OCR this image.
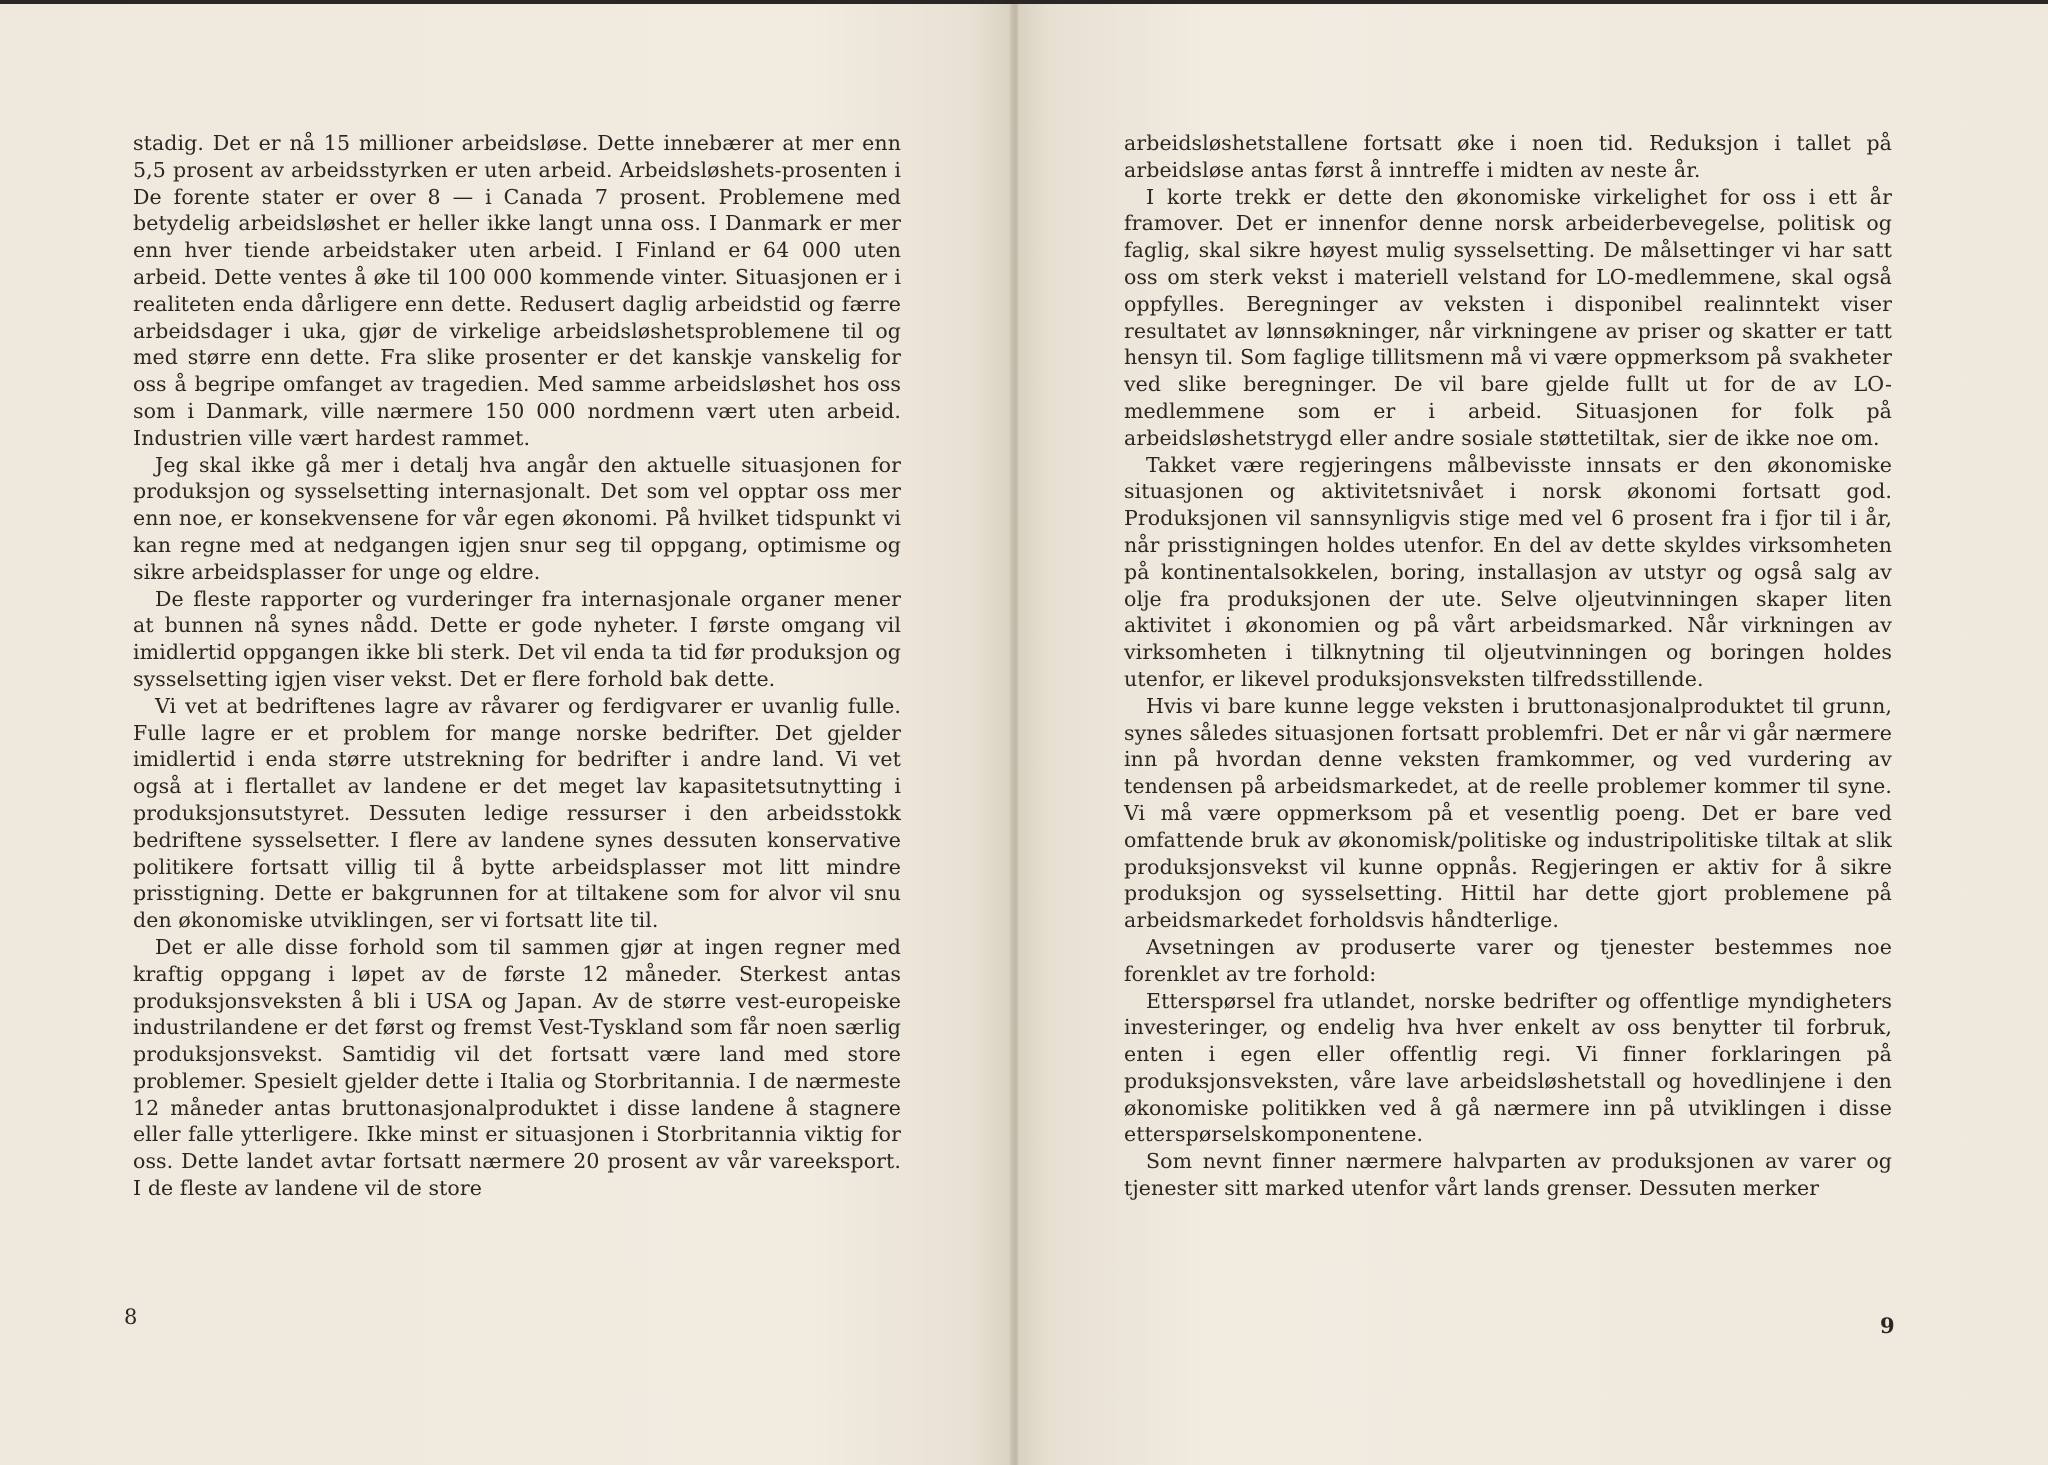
stadig. Det er nå 15 millioner arbeidsløse. Dette innebærer at mer enn 5,5 prosent av arbeidsstyrken er uten arbeid. Arbeidsløshets-prosenten i De forente stater er over 8 — i Canada 7 prosent. Problemene med betydelig arbeidsløshet er heller ikke langt unna oss. I Danmark er mer enn hver tiende arbeidstaker uten arbeid. I Finland er 64 000 uten arbeid. Dette ventes å øke til 100 000 kommende vinter. Situasjonen er i realiteten enda dårligere enn dette. Redusert daglig arbeidstid og færre arbeidsdager i uka, gjør de virkelige arbeidsløshetsproblemene til og med større enn dette. Fra slike prosenter er det kanskje vanskelig for oss å begripe omfanget av tragedien. Med samme arbeidsløshet hos oss som i Danmark, ville nærmere 150 000 nordmenn vært uten arbeid. Industrien ville vært hardest rammet.

Jeg skal ikke gå mer i detalj hva angår den aktuelle situasjonen for produksjon og sysselsetting internasjonalt. Det som vel opptar oss mer enn noe, er konsekvensene for vår egen økonomi. På hvilket tidspunkt vi kan regne med at nedgangen igjen snur seg til oppgang, optimisme og sikre arbeidsplasser for unge og eldre.

De fleste rapporter og vurderinger fra internasjonale organer mener at bunnen nå synes nådd. Dette er gode nyheter. I første omgang vil imidlertid oppgangen ikke bli sterk. Det vil enda ta tid før produksjon og sysselsetting igjen viser vekst. Det er flere forhold bak dette.

Vi vet at bedriftenes lagre av råvarer og ferdigvarer er uvanlig fulle. Fulle lagre er et problem for mange norske bedrifter. Det gjelder imidlertid i enda større utstrekning for bedrifter i andre land. Vi vet også at i flertallet av landene er det meget lav kapasitetsutnytting i produksjonsutstyret. Dessuten ledige ressurser i den arbeidsstokk bedriftene sysselsetter. I flere av landene synes dessuten konservative politikere fortsatt villig til å bytte arbeidsplasser mot litt mindre prisstigning. Dette er bakgrunnen for at tiltakene som for alvor vil snu den økonomiske utviklingen, ser vi fortsatt lite til.

Det er alle disse forhold som til sammen gjør at ingen regner med kraftig oppgang i løpet av de første 12 måneder. Sterkest antas produksjonsveksten å bli i USA og Japan. Av de større vest-europeiske industrilandene er det først og fremst Vest-Tyskland som får noen særlig produksjonsvekst. Samtidig vil det fortsatt være land med store problemer. Spesielt gjelder dette i Italia og Storbritannia. I de nærmeste 12 måneder antas bruttonasjonalproduktet i disse landene å stagnere eller falle ytterligere. Ikke minst er situasjonen i Storbritannia viktig for oss. Dette landet avtar fortsatt nærmere 20 prosent av vår vareeksport. I de fleste av landene vil de store

8

arbeidsløshetstallene fortsatt øke i noen tid. Reduksjon i tallet på arbeidsløse antas først å inntreffe i midten av neste år.

I korte trekk er dette den økonomiske virkelighet for oss i ett år framover. Det er innenfor denne norsk arbeiderbevegelse, politisk og faglig, skal sikre høyest mulig sysselsetting. De målsettinger vi har satt oss om sterk vekst i materiell velstand for LO-medlemmene, skal også oppfylles. Beregninger av veksten i disponibel realinntekt viser resultatet av lønnsøkninger, når virkningene av priser og skatter er tatt hensyn til. Som faglige tillitsmenn må vi være oppmerksom på svakheter ved slike beregninger. De vil bare gjelde fullt ut for de av LO-medlemmene som er i arbeid. Situasjonen for folk på arbeidsløshetstrygd eller andre sosiale støttetiltak, sier de ikke noe om.

Takket være regjeringens målbevisste innsats er den økonomiske situasjonen og aktivitetsnivået i norsk økonomi fortsatt god. Produksjonen vil sannsynligvis stige med vel 6 prosent fra i fjor til i år, når prisstigningen holdes utenfor. En del av dette skyldes virksomheten på kontinentalsokkelen, boring, installasjon av utstyr og også salg av olje fra produksjonen der ute. Selve oljeutvinningen skaper liten aktivitet i økonomien og på vårt arbeidsmarked. Når virkningen av virksomheten i tilknytning til oljeutvinningen og boringen holdes utenfor, er likevel produksjonsveksten tilfredsstillende.

Hvis vi bare kunne legge veksten i bruttonasjonalproduktet til grunn, synes således situasjonen fortsatt problemfri. Det er når vi går nærmere inn på hvordan denne veksten framkommer, og ved vurdering av tendensen på arbeidsmarkedet, at de reelle problemer kommer til syne. Vi må være oppmerksom på et vesentlig poeng. Det er bare ved omfattende bruk av økonomisk/politiske og industripolitiske tiltak at slik produksjonsvekst vil kunne oppnås. Regjeringen er aktiv for å sikre produksjon og sysselsetting. Hittil har dette gjort problemene på arbeidsmarkedet forholdsvis håndterlige.

Avsetningen av produserte varer og tjenester bestemmes noe forenklet av tre forhold:

Etterspørsel fra utlandet, norske bedrifter og offentlige myndigheters investeringer, og endelig hva hver enkelt av oss benytter til forbruk, enten i egen eller offentlig regi. Vi finner forklaringen på produksjonsveksten, våre lave arbeidsløshetstall og hovedlinjene i den økonomiske politikken ved å gå nærmere inn på utviklingen i disse etterspørselskomponentene.

Som nevnt finner nærmere halvparten av produksjonen av varer og tjenester sitt marked utenfor vårt lands grenser. Dessuten merker

9
